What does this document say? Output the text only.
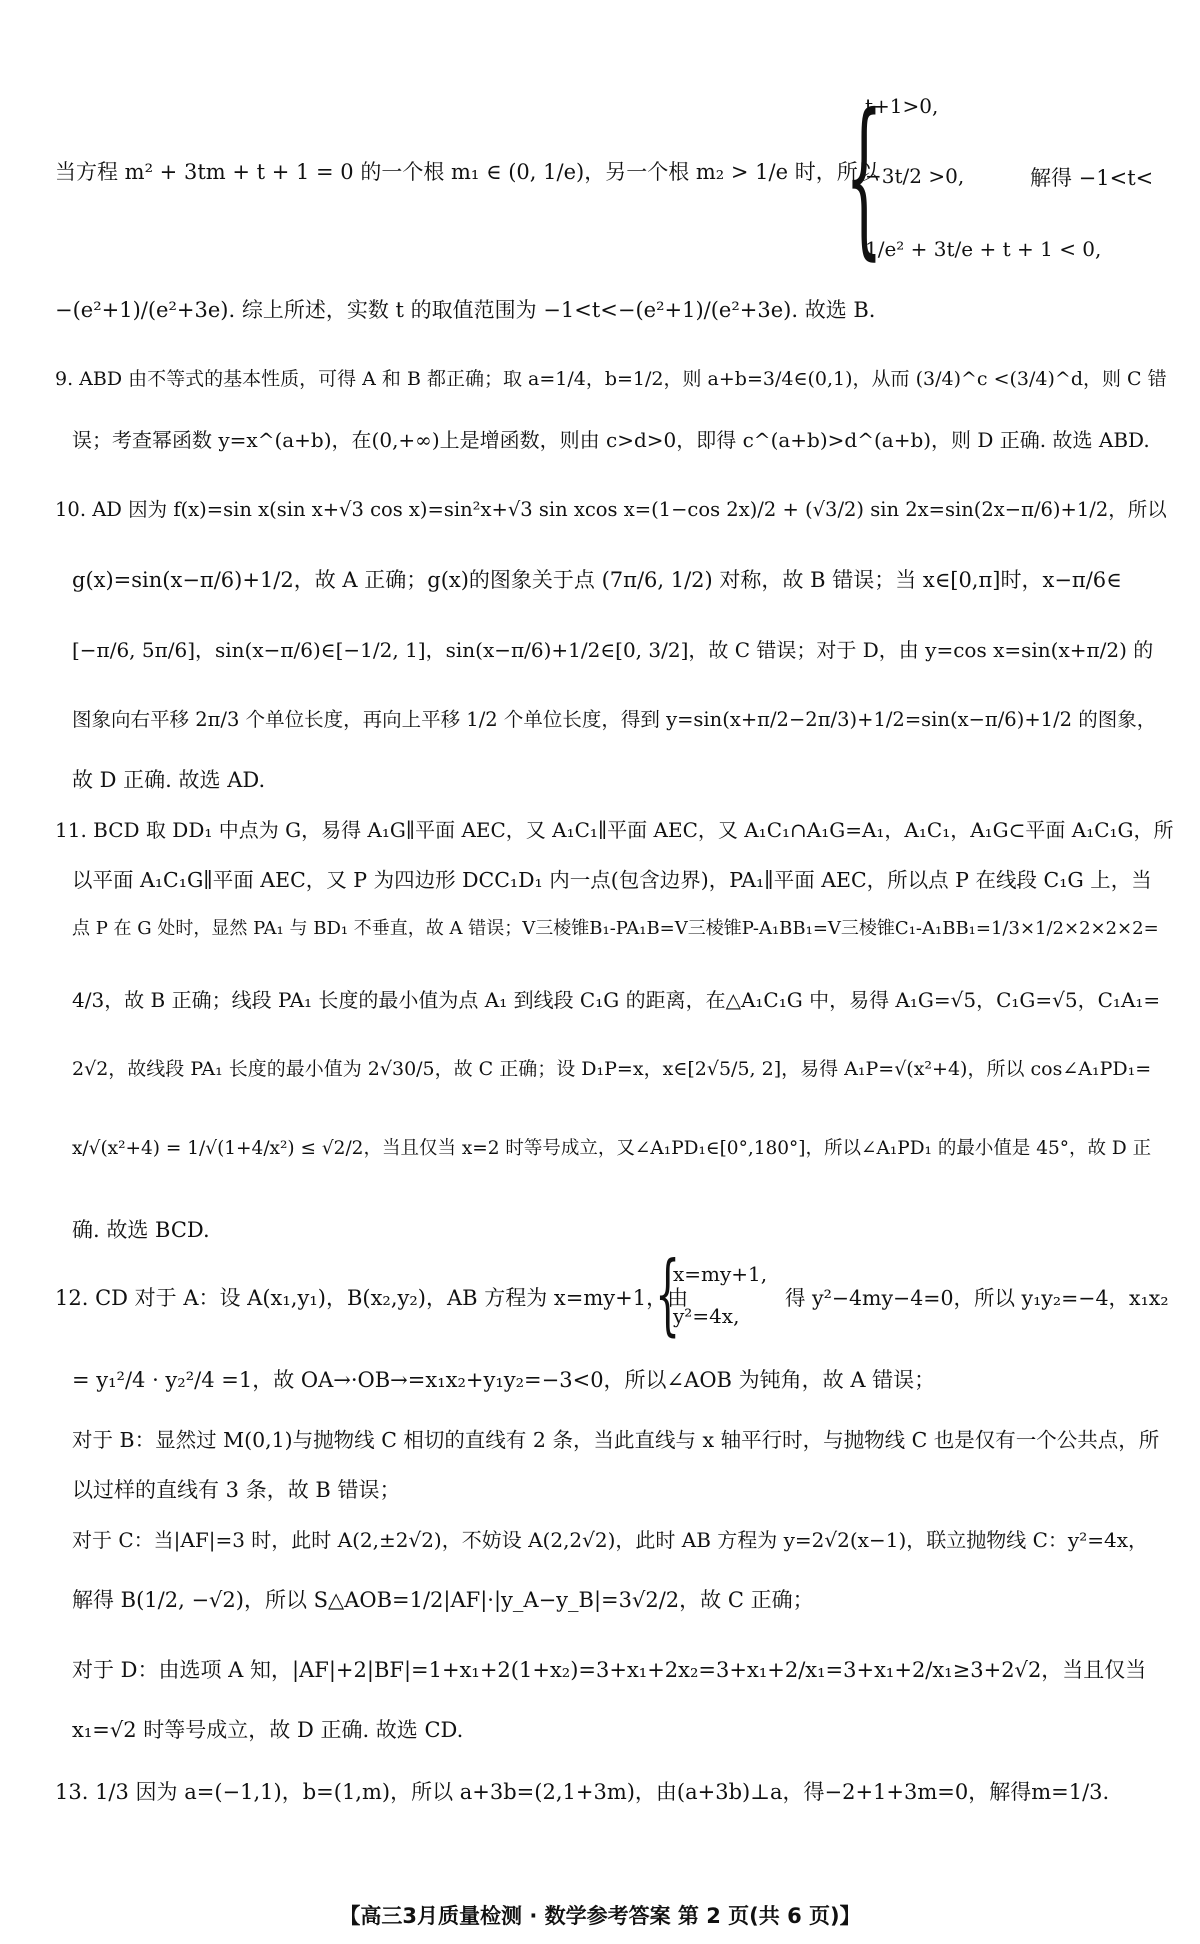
当方程 m² + 3tm + t + 1 = 0 的一个根 m₁ ∈ (0, 1/e)，另一个根 m₂ > 1/e 时，所以
{
t+1>0,
−3t/2 >0,
1/e² + 3t/e + t + 1 < 0,
解得 −1<t<
−(e²+1)/(e²+3e). 综上所述，实数 t 的取值范围为 −1<t<−(e²+1)/(e²+3e). 故选 B.
9. ABD 由不等式的基本性质，可得 A 和 B 都正确；取 a=1/4，b=1/2，则 a+b=3/4∈(0,1)，从而 (3/4)^c <(3/4)^d，则 C 错
误；考查幂函数 y=x^(a+b)，在(0,+∞)上是增函数，则由 c>d>0，即得 c^(a+b)>d^(a+b)，则 D 正确. 故选 ABD.
10. AD 因为 f(x)=sin x(sin x+√3 cos x)=sin²x+√3 sin xcos x=(1−cos 2x)/2 + (√3/2) sin 2x=sin(2x−π/6)+1/2，所以
g(x)=sin(x−π/6)+1/2，故 A 正确；g(x)的图象关于点 (7π/6, 1/2) 对称，故 B 错误；当 x∈[0,π]时，x−π/6∈
[−π/6, 5π/6]，sin(x−π/6)∈[−1/2, 1]，sin(x−π/6)+1/2∈[0, 3/2]，故 C 错误；对于 D，由 y=cos x=sin(x+π/2) 的
图象向右平移 2π/3 个单位长度，再向上平移 1/2 个单位长度，得到 y=sin(x+π/2−2π/3)+1/2=sin(x−π/6)+1/2 的图象，
故 D 正确. 故选 AD.
11. BCD 取 DD₁ 中点为 G，易得 A₁G∥平面 AEC，又 A₁C₁∥平面 AEC，又 A₁C₁∩A₁G=A₁，A₁C₁，A₁G⊂平面 A₁C₁G，所
以平面 A₁C₁G∥平面 AEC，又 P 为四边形 DCC₁D₁ 内一点(包含边界)，PA₁∥平面 AEC，所以点 P 在线段 C₁G 上，当
点 P 在 G 处时，显然 PA₁ 与 BD₁ 不垂直，故 A 错误；V三棱锥B₁-PA₁B=V三棱锥P-A₁BB₁=V三棱锥C₁-A₁BB₁=1/3×1/2×2×2×2=
4/3，故 B 正确；线段 PA₁ 长度的最小值为点 A₁ 到线段 C₁G 的距离，在△A₁C₁G 中，易得 A₁G=√5，C₁G=√5，C₁A₁=
2√2，故线段 PA₁ 长度的最小值为 2√30/5，故 C 正确；设 D₁P=x，x∈[2√5/5, 2]，易得 A₁P=√(x²+4)，所以 cos∠A₁PD₁=
x/√(x²+4) = 1/√(1+4/x²) ≤ √2/2，当且仅当 x=2 时等号成立，又∠A₁PD₁∈[0°,180°]，所以∠A₁PD₁ 的最小值是 45°，故 D 正
确. 故选 BCD.
12. CD 对于 A：设 A(x₁,y₁)，B(x₂,y₂)，AB 方程为 x=my+1，由
{
x=my+1,
y²=4x,
得 y²−4my−4=0，所以 y₁y₂=−4，x₁x₂
= y₁²/4 · y₂²/4 =1，故 OA→·OB→=x₁x₂+y₁y₂=−3<0，所以∠AOB 为钝角，故 A 错误；
对于 B：显然过 M(0,1)与抛物线 C 相切的直线有 2 条，当此直线与 x 轴平行时，与抛物线 C 也是仅有一个公共点，所
以过样的直线有 3 条，故 B 错误；
对于 C：当|AF|=3 时，此时 A(2,±2√2)，不妨设 A(2,2√2)，此时 AB 方程为 y=2√2(x−1)，联立抛物线 C：y²=4x，
解得 B(1/2, −√2)，所以 S△AOB=1/2|AF|·|y_A−y_B|=3√2/2，故 C 正确；
对于 D：由选项 A 知，|AF|+2|BF|=1+x₁+2(1+x₂)=3+x₁+2x₂=3+x₁+2/x₁=3+x₁+2/x₁≥3+2√2，当且仅当
x₁=√2 时等号成立，故 D 正确. 故选 CD.
13. 1/3 因为 a=(−1,1)，b=(1,m)，所以 a+3b=(2,1+3m)，由(a+3b)⊥a，得−2+1+3m=0，解得m=1/3.
【高三3月质量检测 · 数学参考答案 第 2 页(共 6 页)】
